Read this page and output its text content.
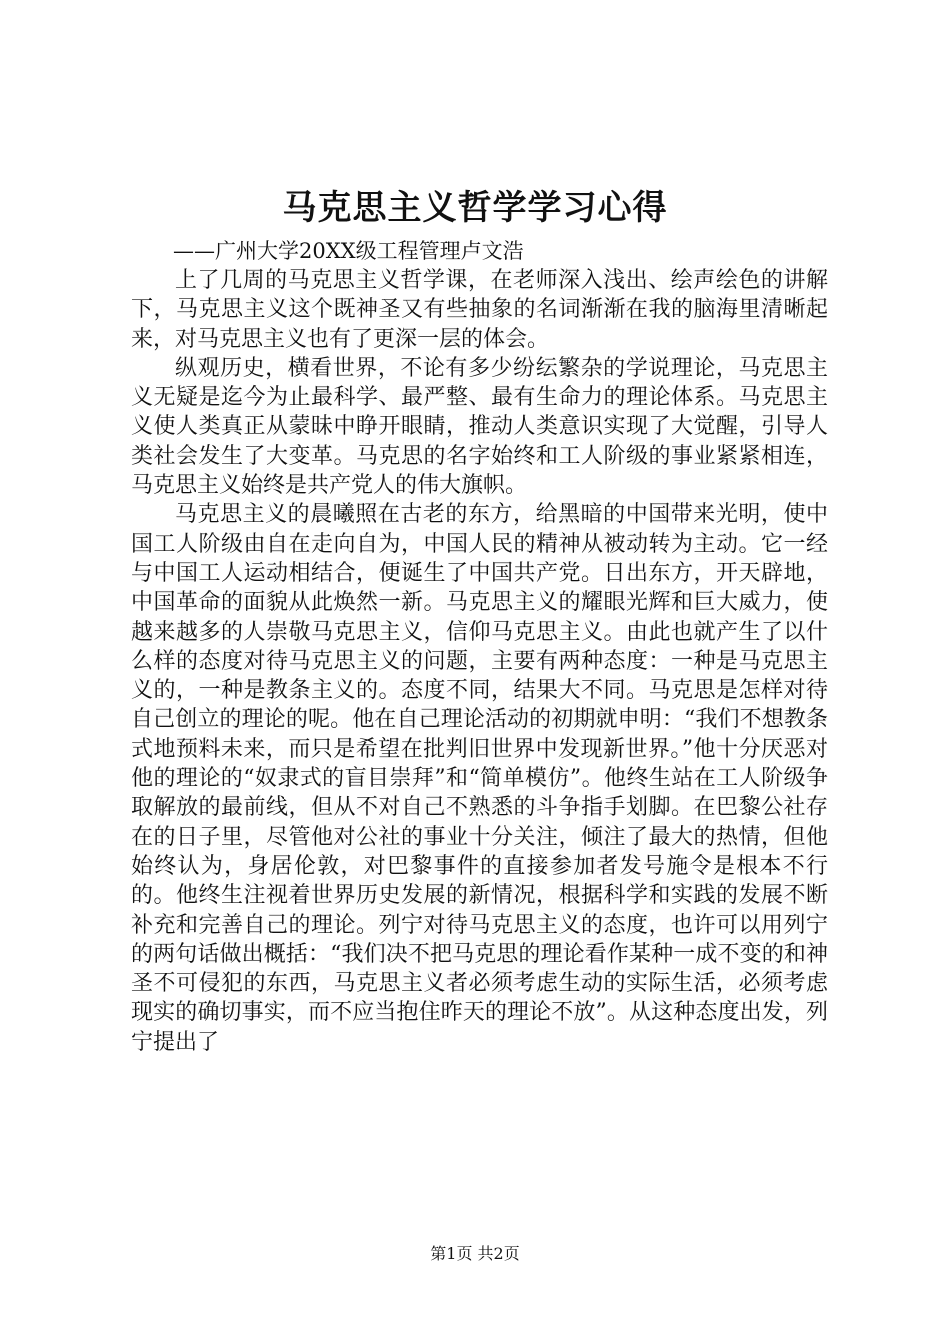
马克思主义哲学学习心得
——广州大学20XX级工程管理卢文浩

上了几周的马克思主义哲学课，在老师深入浅出、绘声绘色的讲解下，马克思主义这个既神圣又有些抽象的名词渐渐在我的脑海里清晰起来，对马克思主义也有了更深一层的体会。

纵观历史，横看世界，不论有多少纷纭繁杂的学说理论，马克思主义无疑是迄今为止最科学、最严整、最有生命力的理论体系。马克思主义使人类真正从蒙昧中睁开眼睛，推动人类意识实现了大觉醒，引导人类社会发生了大变革。马克思的名字始终和工人阶级的事业紧紧相连，马克思主义始终是共产党人的伟大旗帜。

马克思主义的晨曦照在古老的东方，给黑暗的中国带来光明，使中国工人阶级由自在走向自为，中国人民的精神从被动转为主动。它一经与中国工人运动相结合，便诞生了中国共产党。日出东方，开天辟地，中国革命的面貌从此焕然一新。马克思主义的耀眼光辉和巨大威力，使越来越多的人崇敬马克思主义，信仰马克思主义。由此也就产生了以什么样的态度对待马克思主义的问题，主要有两种态度：一种是马克思主义的，一种是教条主义的。态度不同，结果大不同。马克思是怎样对待自己创立的理论的呢。他在自己理论活动的初期就申明：“我们不想教条式地预料未来，而只是希望在批判旧世界中发现新世界。”他十分厌恶对他的理论的“奴隶式的盲目崇拜”和“简单模仿”。他终生站在工人阶级争取解放的最前线，但从不对自己不熟悉的斗争指手划脚。在巴黎公社存在的日子里，尽管他对公社的事业十分关注，倾注了最大的热情，但他始终认为，身居伦敦，对巴黎事件的直接参加者发号施令是根本不行的。他终生注视着世界历史发展的新情况，根据科学和实践的发展不断补充和完善自己的理论。列宁对待马克思主义的态度，也许可以用列宁的两句话做出概括：“我们决不把马克思的理论看作某种一成不变的和神圣不可侵犯的东西，马克思主义者必须考虑生动的实际生活，必须考虑现实的确切事实，而不应当抱住昨天的理论不放”。从这种态度出发，列宁提出了

第1页 共2页
